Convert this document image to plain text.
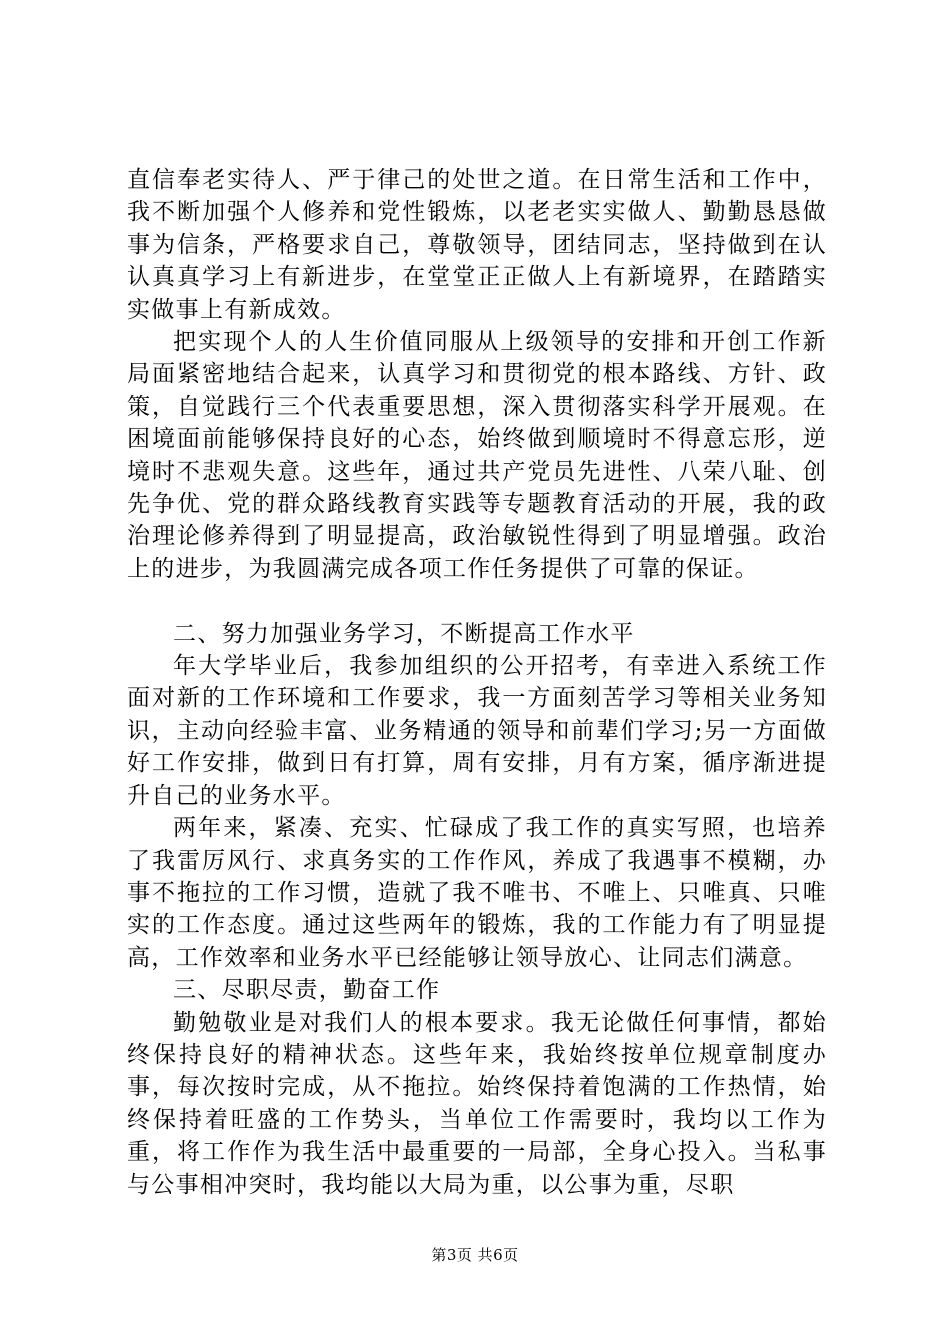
直信奉老实待人、严于律己的处世之道。在日常生活和工作中，我不断加强个人修养和党性锻炼，以老老实实做人、勤勤恳恳做事为信条，严格要求自己，尊敬领导，团结同志，坚持做到在认认真真学习上有新进步，在堂堂正正做人上有新境界，在踏踏实实做事上有新成效。

把实现个人的人生价值同服从上级领导的安排和开创工作新局面紧密地结合起来，认真学习和贯彻党的根本路线、方针、政策，自觉践行三个代表重要思想，深入贯彻落实科学开展观。在困境面前能够保持良好的心态，始终做到顺境时不得意忘形，逆境时不悲观失意。这些年，通过共产党员先进性、八荣八耻、创先争优、党的群众路线教育实践等专题教育活动的开展，我的政治理论修养得到了明显提高，政治敏锐性得到了明显增强。政治上的进步，为我圆满完成各项工作任务提供了可靠的保证。

二、努力加强业务学习，不断提高工作水平

年大学毕业后，我参加组织的公开招考，有幸进入系统工作面对新的工作环境和工作要求，我一方面刻苦学习等相关业务知识，主动向经验丰富、业务精通的领导和前辈们学习;另一方面做好工作安排，做到日有打算，周有安排，月有方案，循序渐进提升自己的业务水平。

两年来，紧凑、充实、忙碌成了我工作的真实写照，也培养了我雷厉风行、求真务实的工作作风，养成了我遇事不模糊，办事不拖拉的工作习惯，造就了我不唯书、不唯上、只唯真、只唯实的工作态度。通过这些两年的锻炼，我的工作能力有了明显提高，工作效率和业务水平已经能够让领导放心、让同志们满意。

三、尽职尽责，勤奋工作

勤勉敬业是对我们人的根本要求。我无论做任何事情，都始终保持良好的精神状态。这些年来，我始终按单位规章制度办事，每次按时完成，从不拖拉。始终保持着饱满的工作热情，始终保持着旺盛的工作势头，当单位工作需要时，我均以工作为重，将工作作为我生活中最重要的一局部，全身心投入。当私事与公事相冲突时，我均能以大局为重，以公事为重，尽职

第3页 共6页
